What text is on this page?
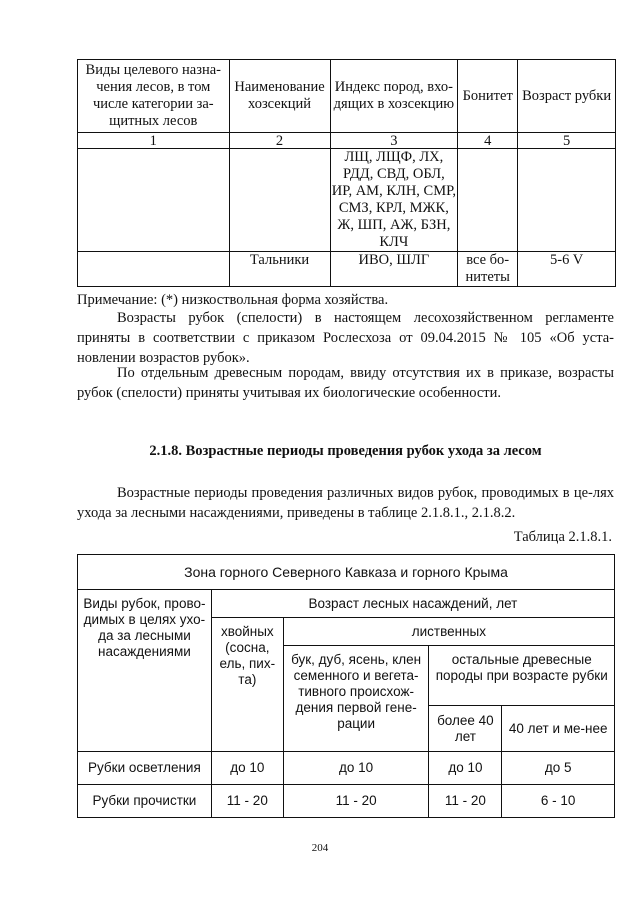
Виды целевого назна-чения лесов, в том числе категории за-щитных лесов	Наименование хозсекций	Индекс пород, вхо-дящих в хозсекцию	Бонитет	Возраст рубки
1	2	3	4	5
		ЛЩ, ЛЩФ, ЛХ, РДД, СВД, ОБЛ, ИР, АМ, КЛН, СМР, СМЗ, КРЛ, МЖК, Ж, ШП, АЖ, БЗН, КЛЧ		
	Тальники	ИВО, ШЛГ	все бо-нитеты	5-6 V
Примечание: (*) низкоствольная форма хозяйства.
Возрасты рубок (спелости) в настоящем лесохозяйственном регламенте приняты в соответствии с приказом Рослесхоза от 09.04.2015 № 105 «Об уста-новлении возрастов рубок».
По отдельным древесным породам, ввиду отсутствия их в приказе, возрасты рубок (спелости) приняты учитывая их биологические особенности.
2.1.8. Возрастные периоды проведения рубок ухода за лесом
Возрастные периоды проведения различных видов рубок, проводимых в це-лях ухода за лесными насаждениями, приведены в таблице 2.1.8.1., 2.1.8.2.
Таблица 2.1.8.1.
Зона горного Северного Кавказа и горного Крыма				
Виды рубок, прово-димых в целях ухо-да за лесными насаждениями	Возраст лесных насаждений, лет			
	хвойных (сосна, ель, пих-та)	лиственных		
		бук, дуб, ясень, клен семенного и вегета-тивного происхож-дения первой гене-рации	остальные древесные породы при возрасте рубки	
			более 40 лет	40 лет и ме-нее
Рубки осветления	до 10	до 10	до 10	до 5
Рубки прочистки	11 - 20	11 - 20	11 - 20	6 - 10
204
